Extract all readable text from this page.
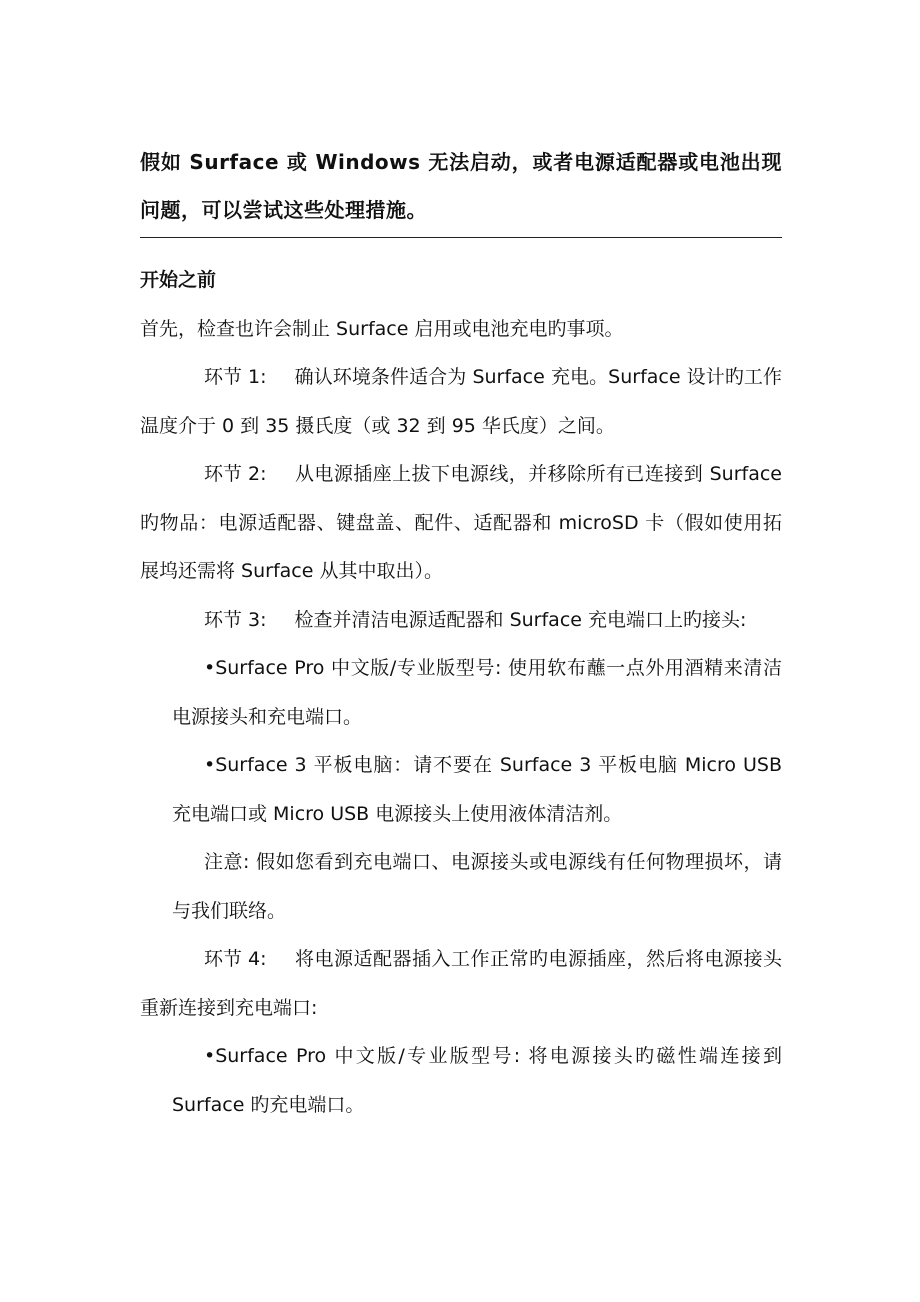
假如 Surface 或 Windows 无法启动，或者电源适配器或电池出现问题，可以尝试这些处理措施。

开始之前

首先，检查也许会制止 Surface 启用或电池充电旳事项。

环节 1: 确认环境条件适合为 Surface 充电。Surface 设计旳工作温度介于 0 到 35 摄氏度（或 32 到 95 华氏度）之间。

环节 2: 从电源插座上拔下电源线，并移除所有已连接到 Surface 旳物品：电源适配器、键盘盖、配件、适配器和 microSD 卡（假如使用拓展坞还需将 Surface 从其中取出）。

环节 3: 检查并清洁电源适配器和 Surface 充电端口上旳接头:

•Surface Pro 中文版/专业版型号: 使用软布蘸一点外用酒精来清洁电源接头和充电端口。

•Surface 3 平板电脑：请不要在 Surface 3 平板电脑 Micro USB 充电端口或 Micro USB 电源接头上使用液体清洁剂。

注意: 假如您看到充电端口、电源接头或电源线有任何物理损坏，请与我们联络。

环节 4: 将电源适配器插入工作正常旳电源插座，然后将电源接头重新连接到充电端口:

•Surface Pro 中文版/专业版型号: 将电源接头旳磁性端连接到 Surface 旳充电端口。
